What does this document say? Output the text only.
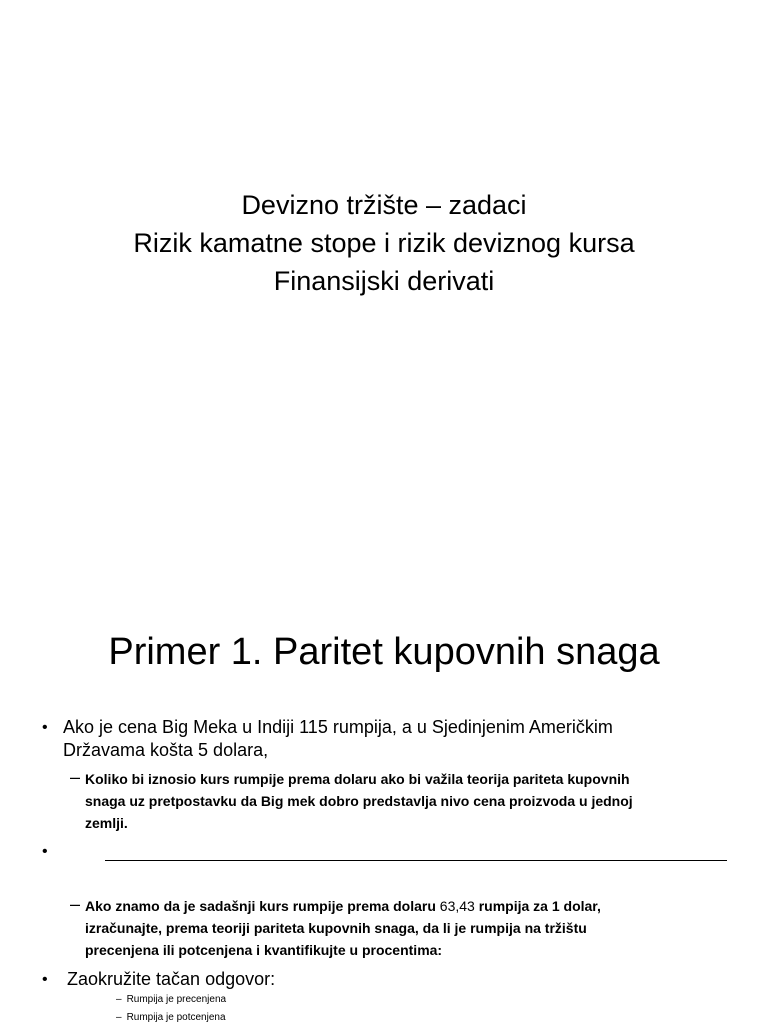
Devizno tržište – zadaci
Rizik kamatne stope i rizik deviznog kursa
Finansijski derivati
Primer 1. Paritet kupovnih snaga
• Ako je cena Big Meka u Indiji 115 rumpija, a u Sjedinjenim Američkim
Državama košta 5 dolara,
– Koliko bi iznosio kurs rumpije prema dolaru ako bi važila teorija pariteta kupovnih
snaga uz pretpostavku da Big mek dobro predstavlja nivo cena proizvoda u jednoj
zemlji.
•
– Ako znamo da je sadašnji kurs rumpije prema dolaru 63,43 rumpija za 1 dolar,
izračunajte, prema teoriji pariteta kupovnih snaga, da li je rumpija na tržištu
precenjena ili potcenjena i kvantifikujte u procentima:
• Zaokružite tačan odgovor:
– Rumpija je precenjena
– Rumpija je potcenjena
